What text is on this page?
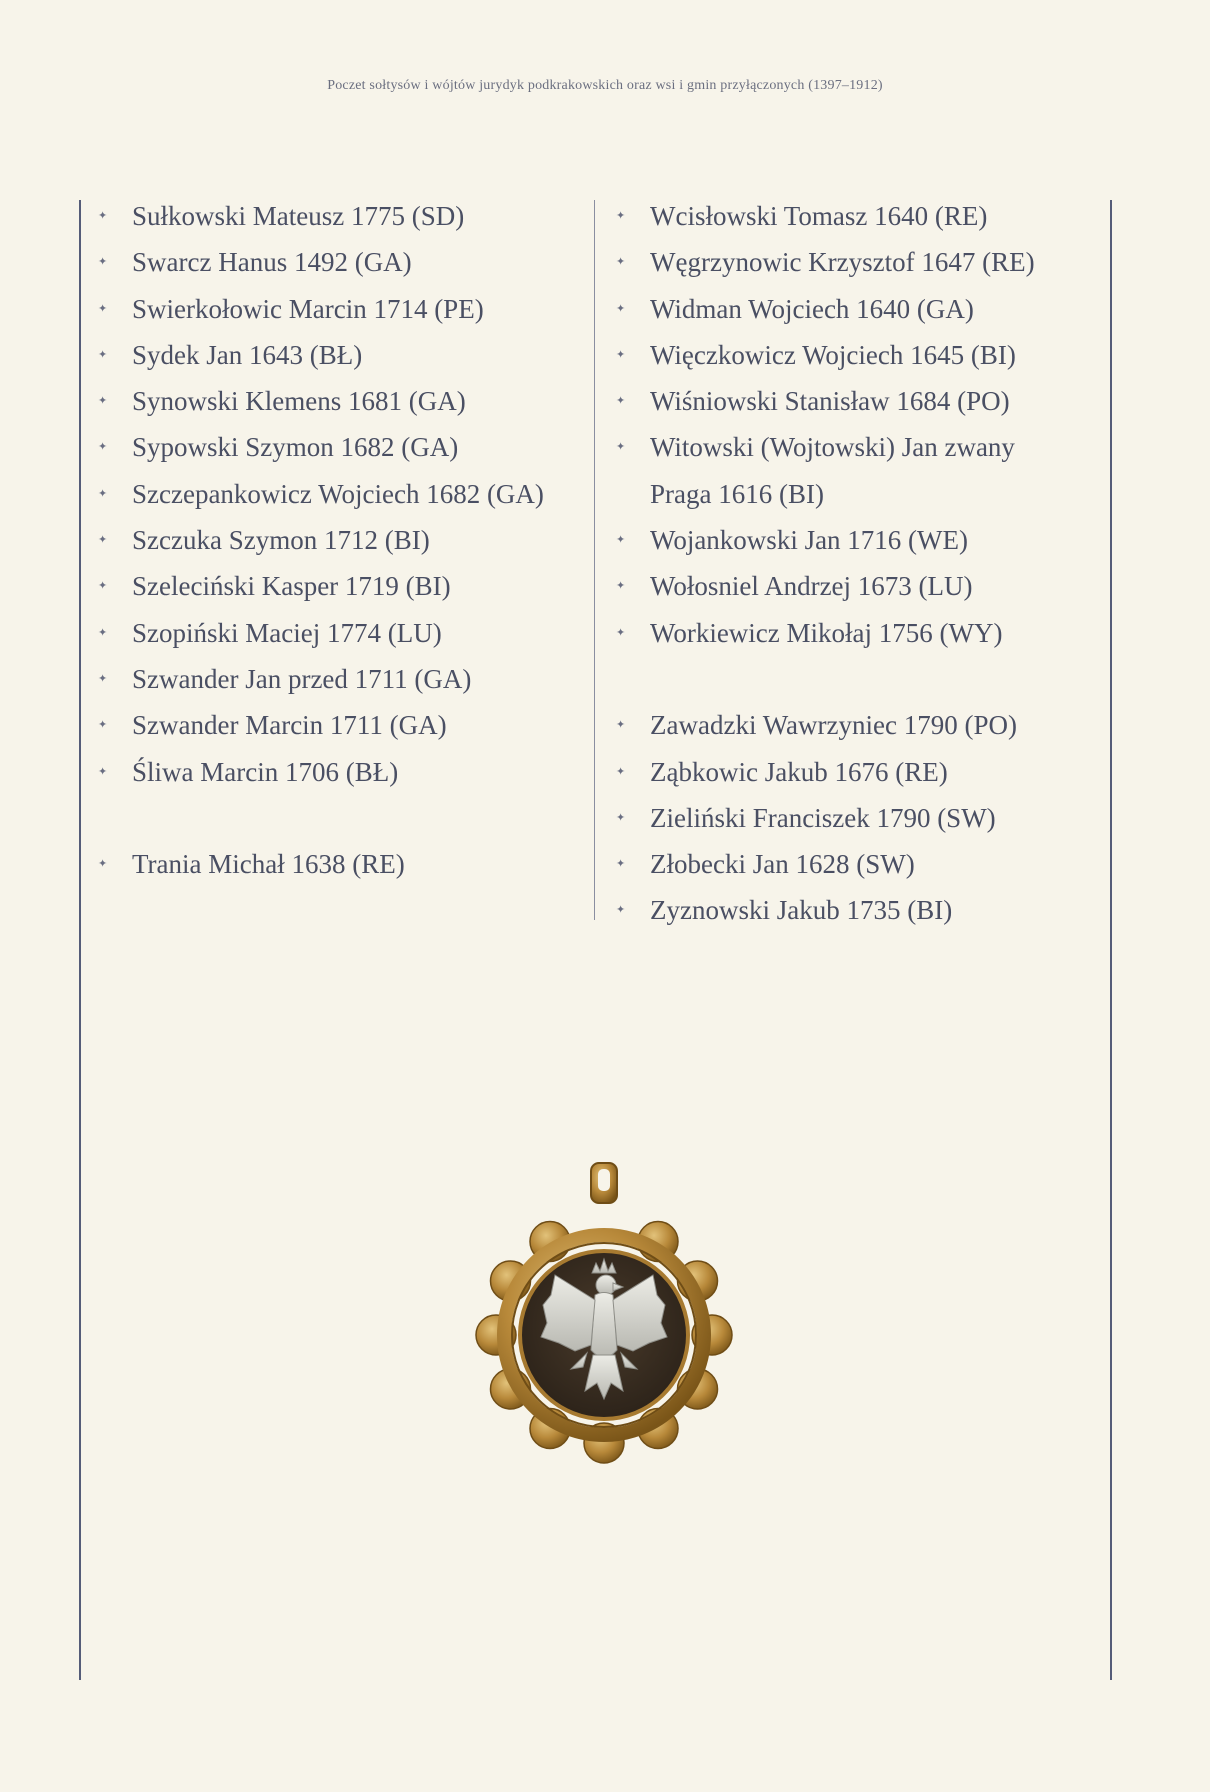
Poczet sołtysów i wójtów jurydyk podkrakowskich oraz wsi i gmin przyłączonych (1397–1912)
✦ Sułkowski Mateusz 1775 (SD)
✦ Swarcz Hanus 1492 (GA)
✦ Swierkołowic Marcin 1714 (PE)
✦ Sydek Jan 1643 (BŁ)
✦ Synowski Klemens 1681 (GA)
✦ Sypowski Szymon 1682 (GA)
✦ Szczepankowicz Wojciech 1682 (GA)
✦ Szczuka Szymon 1712 (BI)
✦ Szeleciński Kasper 1719 (BI)
✦ Szopiński Maciej 1774 (LU)
✦ Szwander Jan przed 1711 (GA)
✦ Szwander Marcin 1711 (GA)
✦ Śliwa Marcin 1706 (BŁ)
✦ Trania Michał 1638 (RE)
✦ Wcisłowski Tomasz 1640 (RE)
✦ Węgrzynowic Krzysztof 1647 (RE)
✦ Widman Wojciech 1640 (GA)
✦ Więczkowicz Wojciech 1645 (BI)
✦ Wiśniowski Stanisław 1684 (PO)
✦ Witowski (Wojtowski) Jan zwany
Praga 1616 (BI)
✦ Wojankowski Jan 1716 (WE)
✦ Wołosniel Andrzej 1673 (LU)
✦ Workiewicz Mikołaj 1756 (WY)
✦ Zawadzki Wawrzyniec 1790 (PO)
✦ Ząbkowic Jakub 1676 (RE)
✦ Zieliński Franciszek 1790 (SW)
✦ Złobecki Jan 1628 (SW)
✦ Zyznowski Jakub 1735 (BI)
